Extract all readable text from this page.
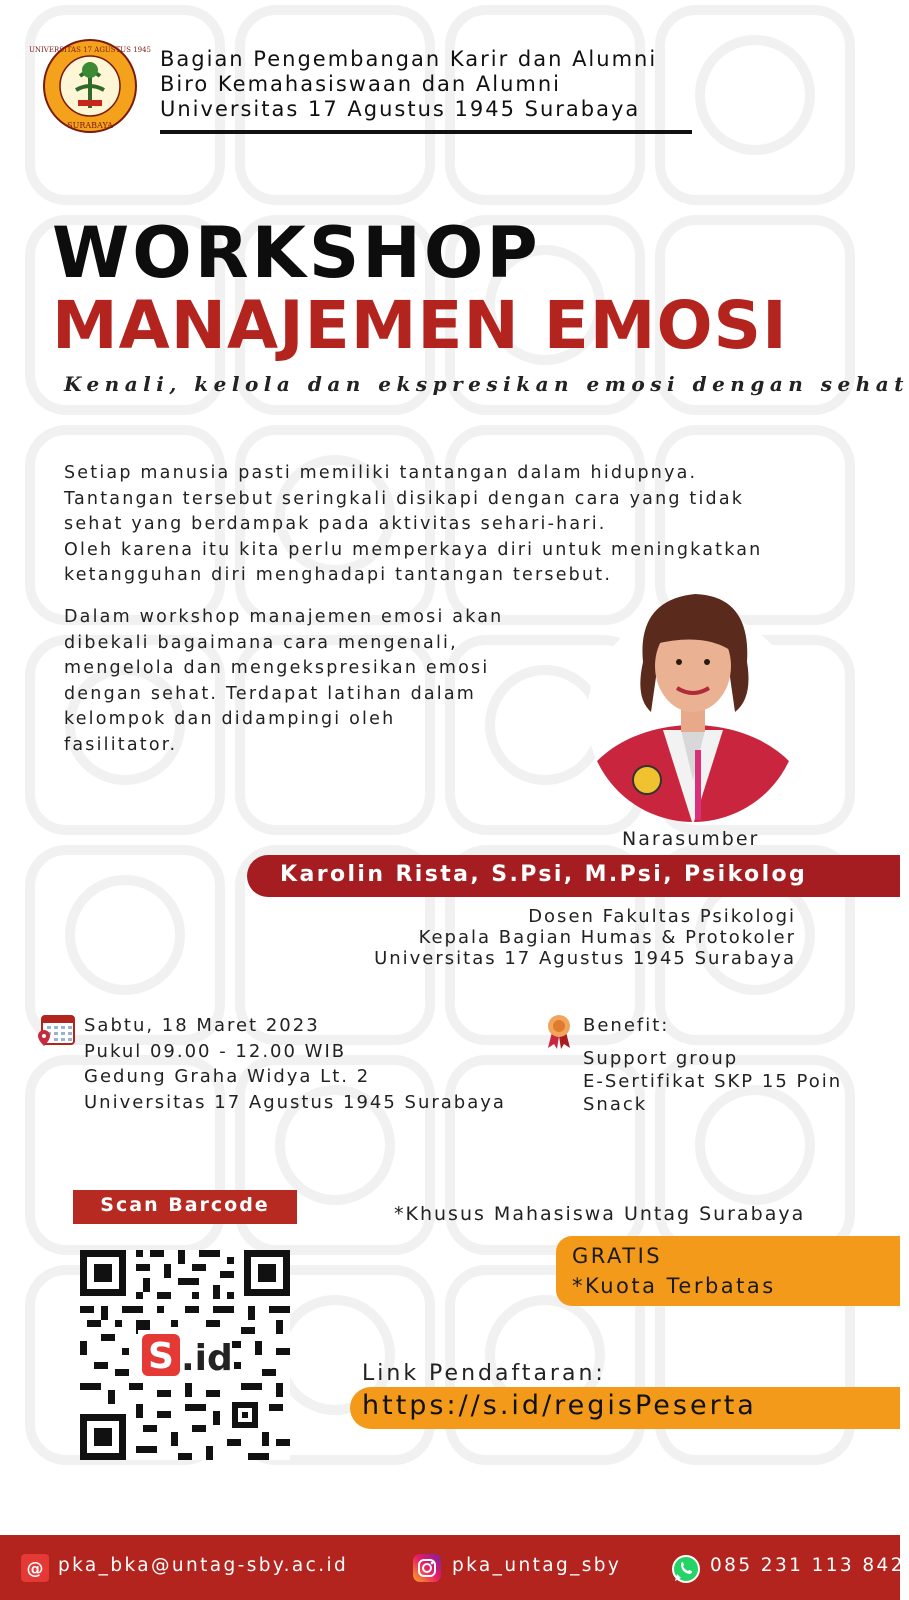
UNIVERSITAS 17 AGUSTUS 1945
SURABAYA
Bagian Pengembangan Karir dan Alumni
Biro Kemahasiswaan dan Alumni
Universitas 17 Agustus 1945 Surabaya
WORKSHOP
MANAJEMEN EMOSI
Kenali, kelola dan ekspresikan emosi dengan sehat
Setiap manusia pasti memiliki tantangan dalam hidupnya.
Tantangan tersebut seringkali disikapi dengan cara yang tidak
sehat yang berdampak pada aktivitas sehari-hari.
Oleh karena itu kita perlu memperkaya diri untuk meningkatkan
ketangguhan diri menghadapi tantangan tersebut.
Dalam workshop manajemen emosi akan
dibekali bagaimana cara mengenali,
mengelola dan mengekspresikan emosi
dengan sehat. Terdapat latihan dalam
kelompok dan didampingi oleh
fasilitator.
Narasumber
Karolin Rista, S.Psi, M.Psi, Psikolog
Dosen Fakultas Psikologi
Kepala Bagian Humas & Protokoler
Universitas 17 Agustus 1945 Surabaya
Sabtu, 18 Maret 2023
Pukul 09.00 - 12.00 WIB
Gedung Graha Widya Lt. 2
Universitas 17 Agustus 1945 Surabaya
Benefit:
Support group
E-Sertifikat SKP 15 Poin
Snack
Scan Barcode
S .id
*Khusus Mahasiswa Untag Surabaya
GRATIS
*Kuota Terbatas
Link Pendaftaran:
https://s.id/regisPeserta
@ pka_bka@untag-sby.ac.id	pka_untag_sby	085 231 113 842
